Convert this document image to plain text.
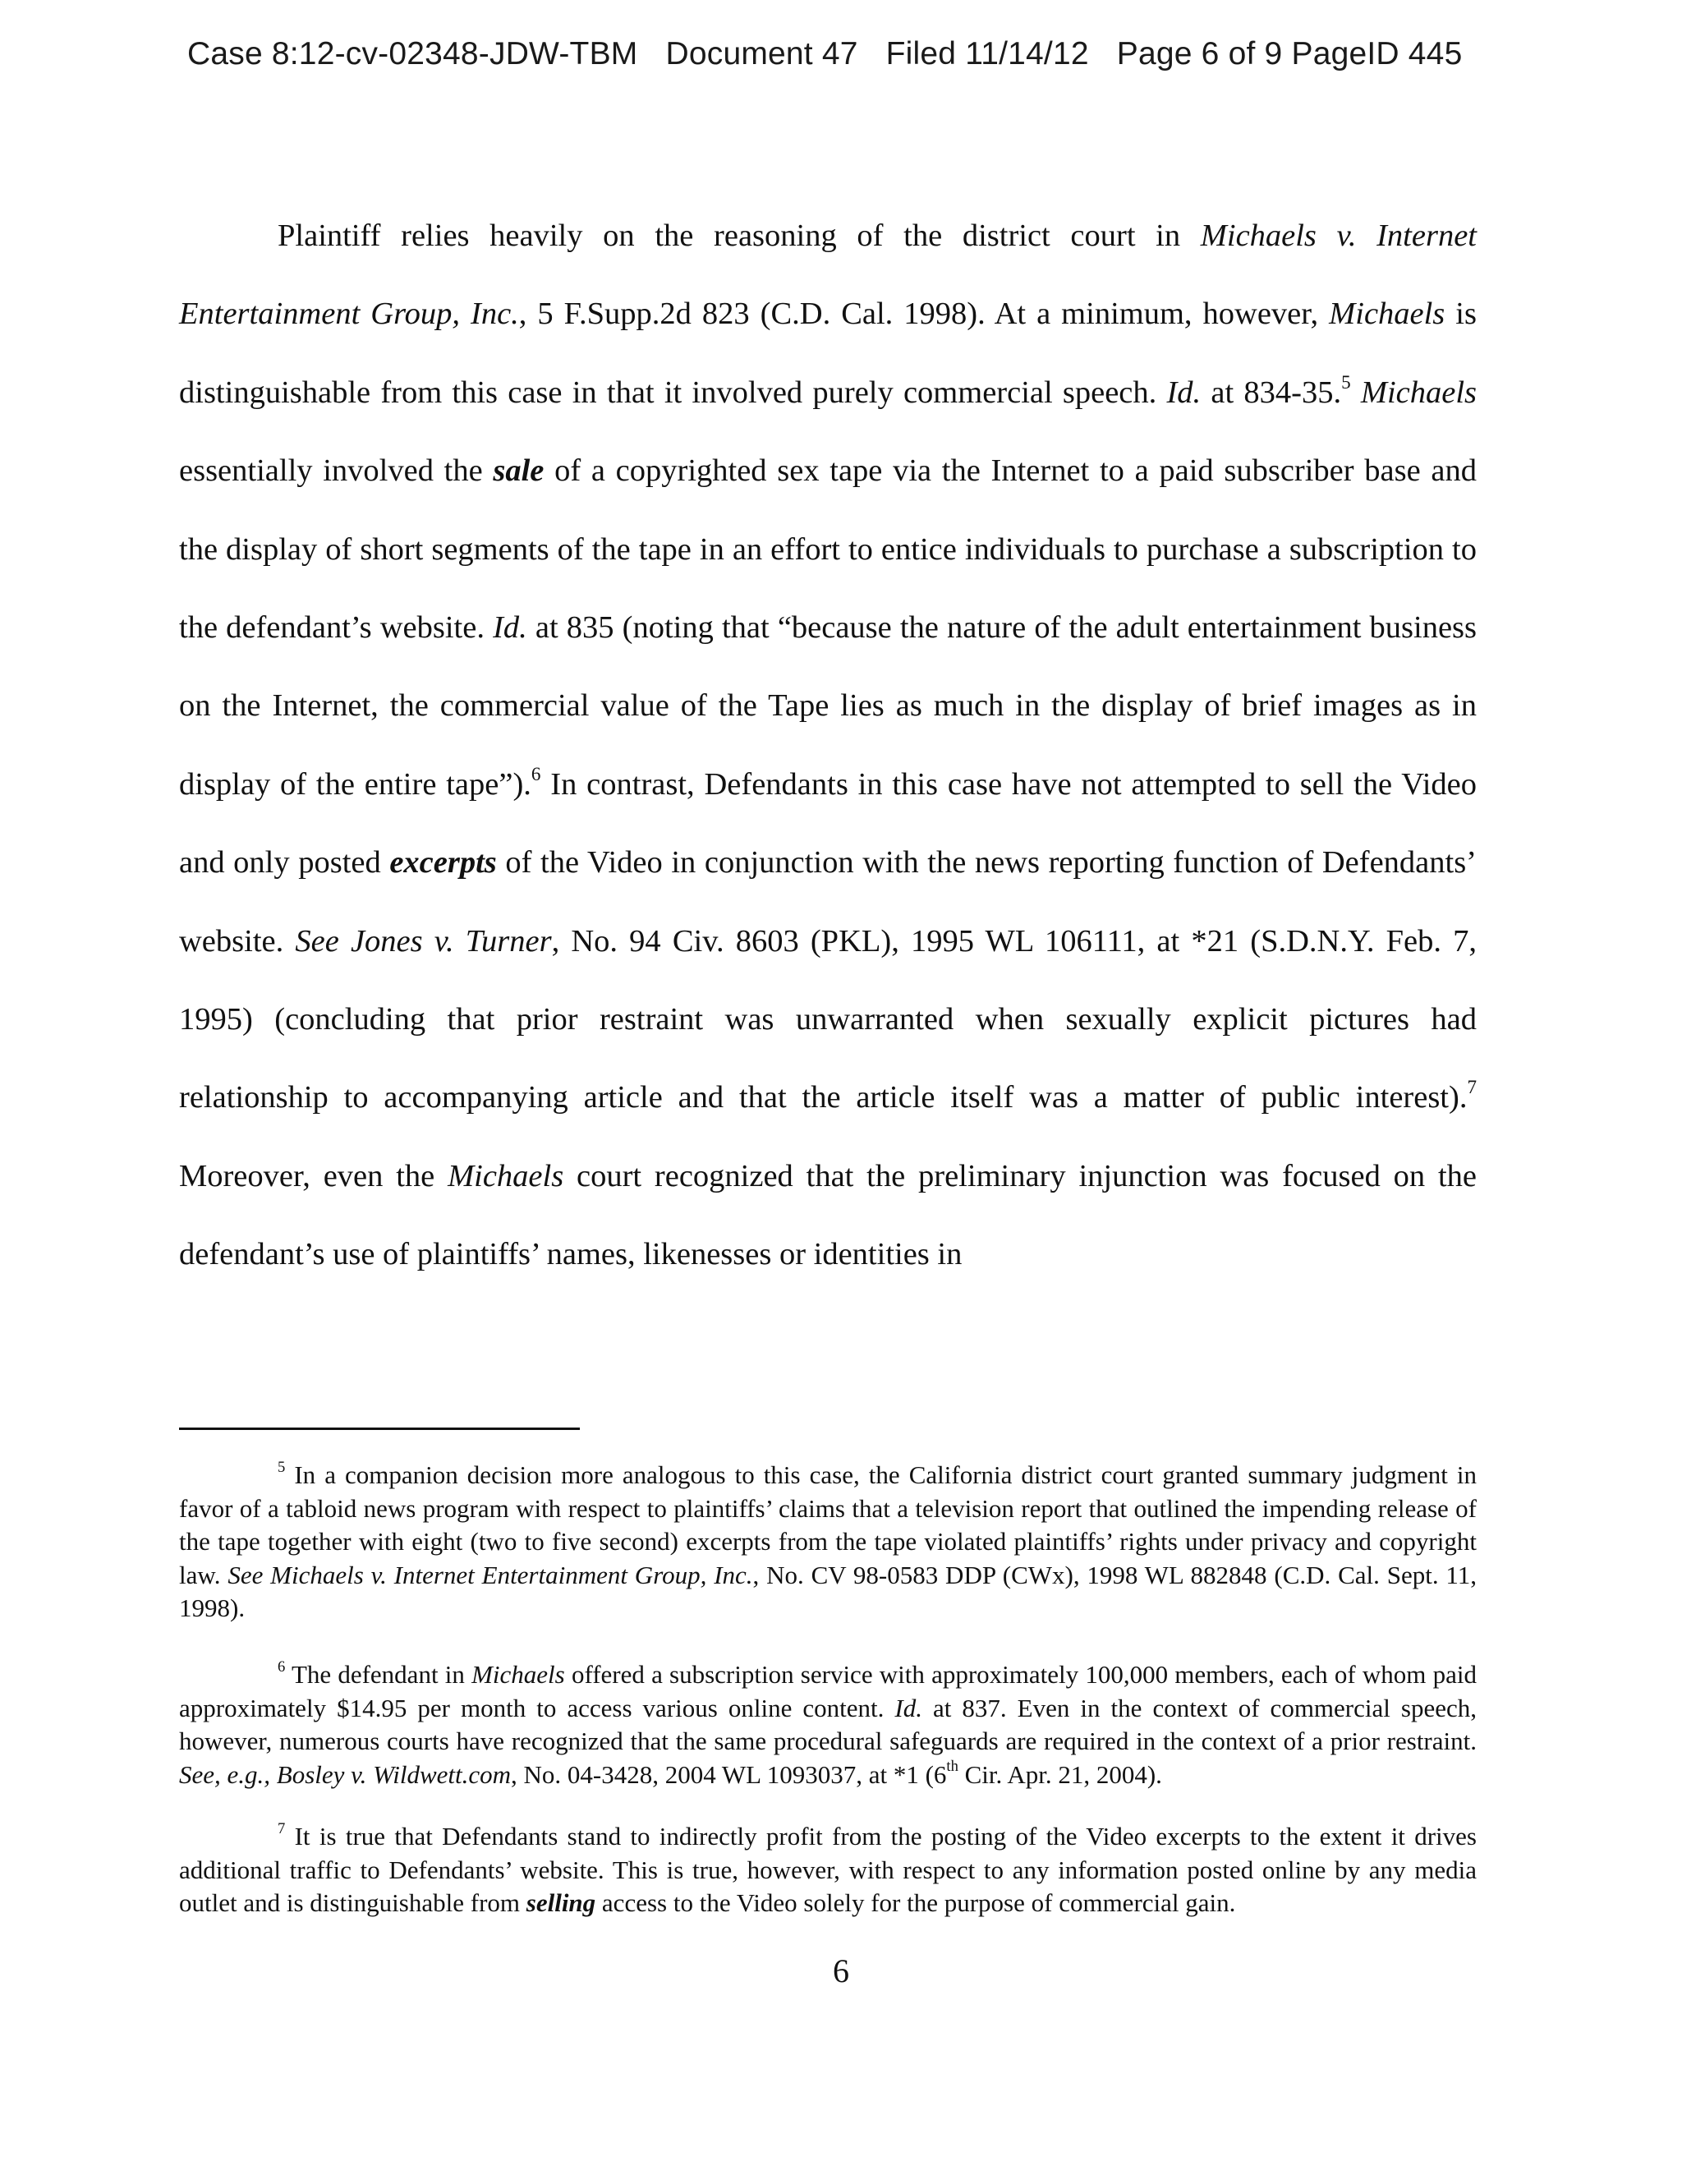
Case 8:12-cv-02348-JDW-TBM Document 47 Filed 11/14/12 Page 6 of 9 PageID 445

Plaintiff relies heavily on the reasoning of the district court in Michaels v. Internet Entertainment Group, Inc., 5 F.Supp.2d 823 (C.D. Cal. 1998). At a minimum, however, Michaels is distinguishable from this case in that it involved purely commercial speech. Id. at 834-35.$^5$ Michaels essentially involved the sale of a copyrighted sex tape via the Internet to a paid subscriber base and the display of short segments of the tape in an effort to entice individuals to purchase a subscription to the defendant’s website. Id. at 835 (noting that “because the nature of the adult entertainment business on the Internet, the commercial value of the Tape lies as much in the display of brief images as in display of the entire tape”).$^6$ In contrast, Defendants in this case have not attempted to sell the Video and only posted excerpts of the Video in conjunction with the news reporting function of Defendants’ website. See Jones v. Turner, No. 94 Civ. 8603 (PKL), 1995 WL 106111, at *21 (S.D.N.Y. Feb. 7, 1995) (concluding that prior restraint was unwarranted when sexually explicit pictures had relationship to accompanying article and that the article itself was a matter of public interest).$^7$ Moreover, even the Michaels court recognized that the preliminary injunction was focused on the defendant’s use of plaintiffs’ names, likenesses or identities in

$^5$ In a companion decision more analogous to this case, the California district court granted summary judgment in favor of a tabloid news program with respect to plaintiffs’ claims that a television report that outlined the impending release of the tape together with eight (two to five second) excerpts from the tape violated plaintiffs’ rights under privacy and copyright law. See Michaels v. Internet Entertainment Group, Inc., No. CV 98-0583 DDP (CWx), 1998 WL 882848 (C.D. Cal. Sept. 11, 1998).

$^6$ The defendant in Michaels offered a subscription service with approximately 100,000 members, each of whom paid approximately $14.95 per month to access various online content. Id. at 837. Even in the context of commercial speech, however, numerous courts have recognized that the same procedural safeguards are required in the context of a prior restraint. See, e.g., Bosley v. Wildwett.com, No. 04-3428, 2004 WL 1093037, at *1 (6th Cir. Apr. 21, 2004).

$^7$ It is true that Defendants stand to indirectly profit from the posting of the Video excerpts to the extent it drives additional traffic to Defendants’ website. This is true, however, with respect to any information posted online by any media outlet and is distinguishable from selling access to the Video solely for the purpose of commercial gain.

6
